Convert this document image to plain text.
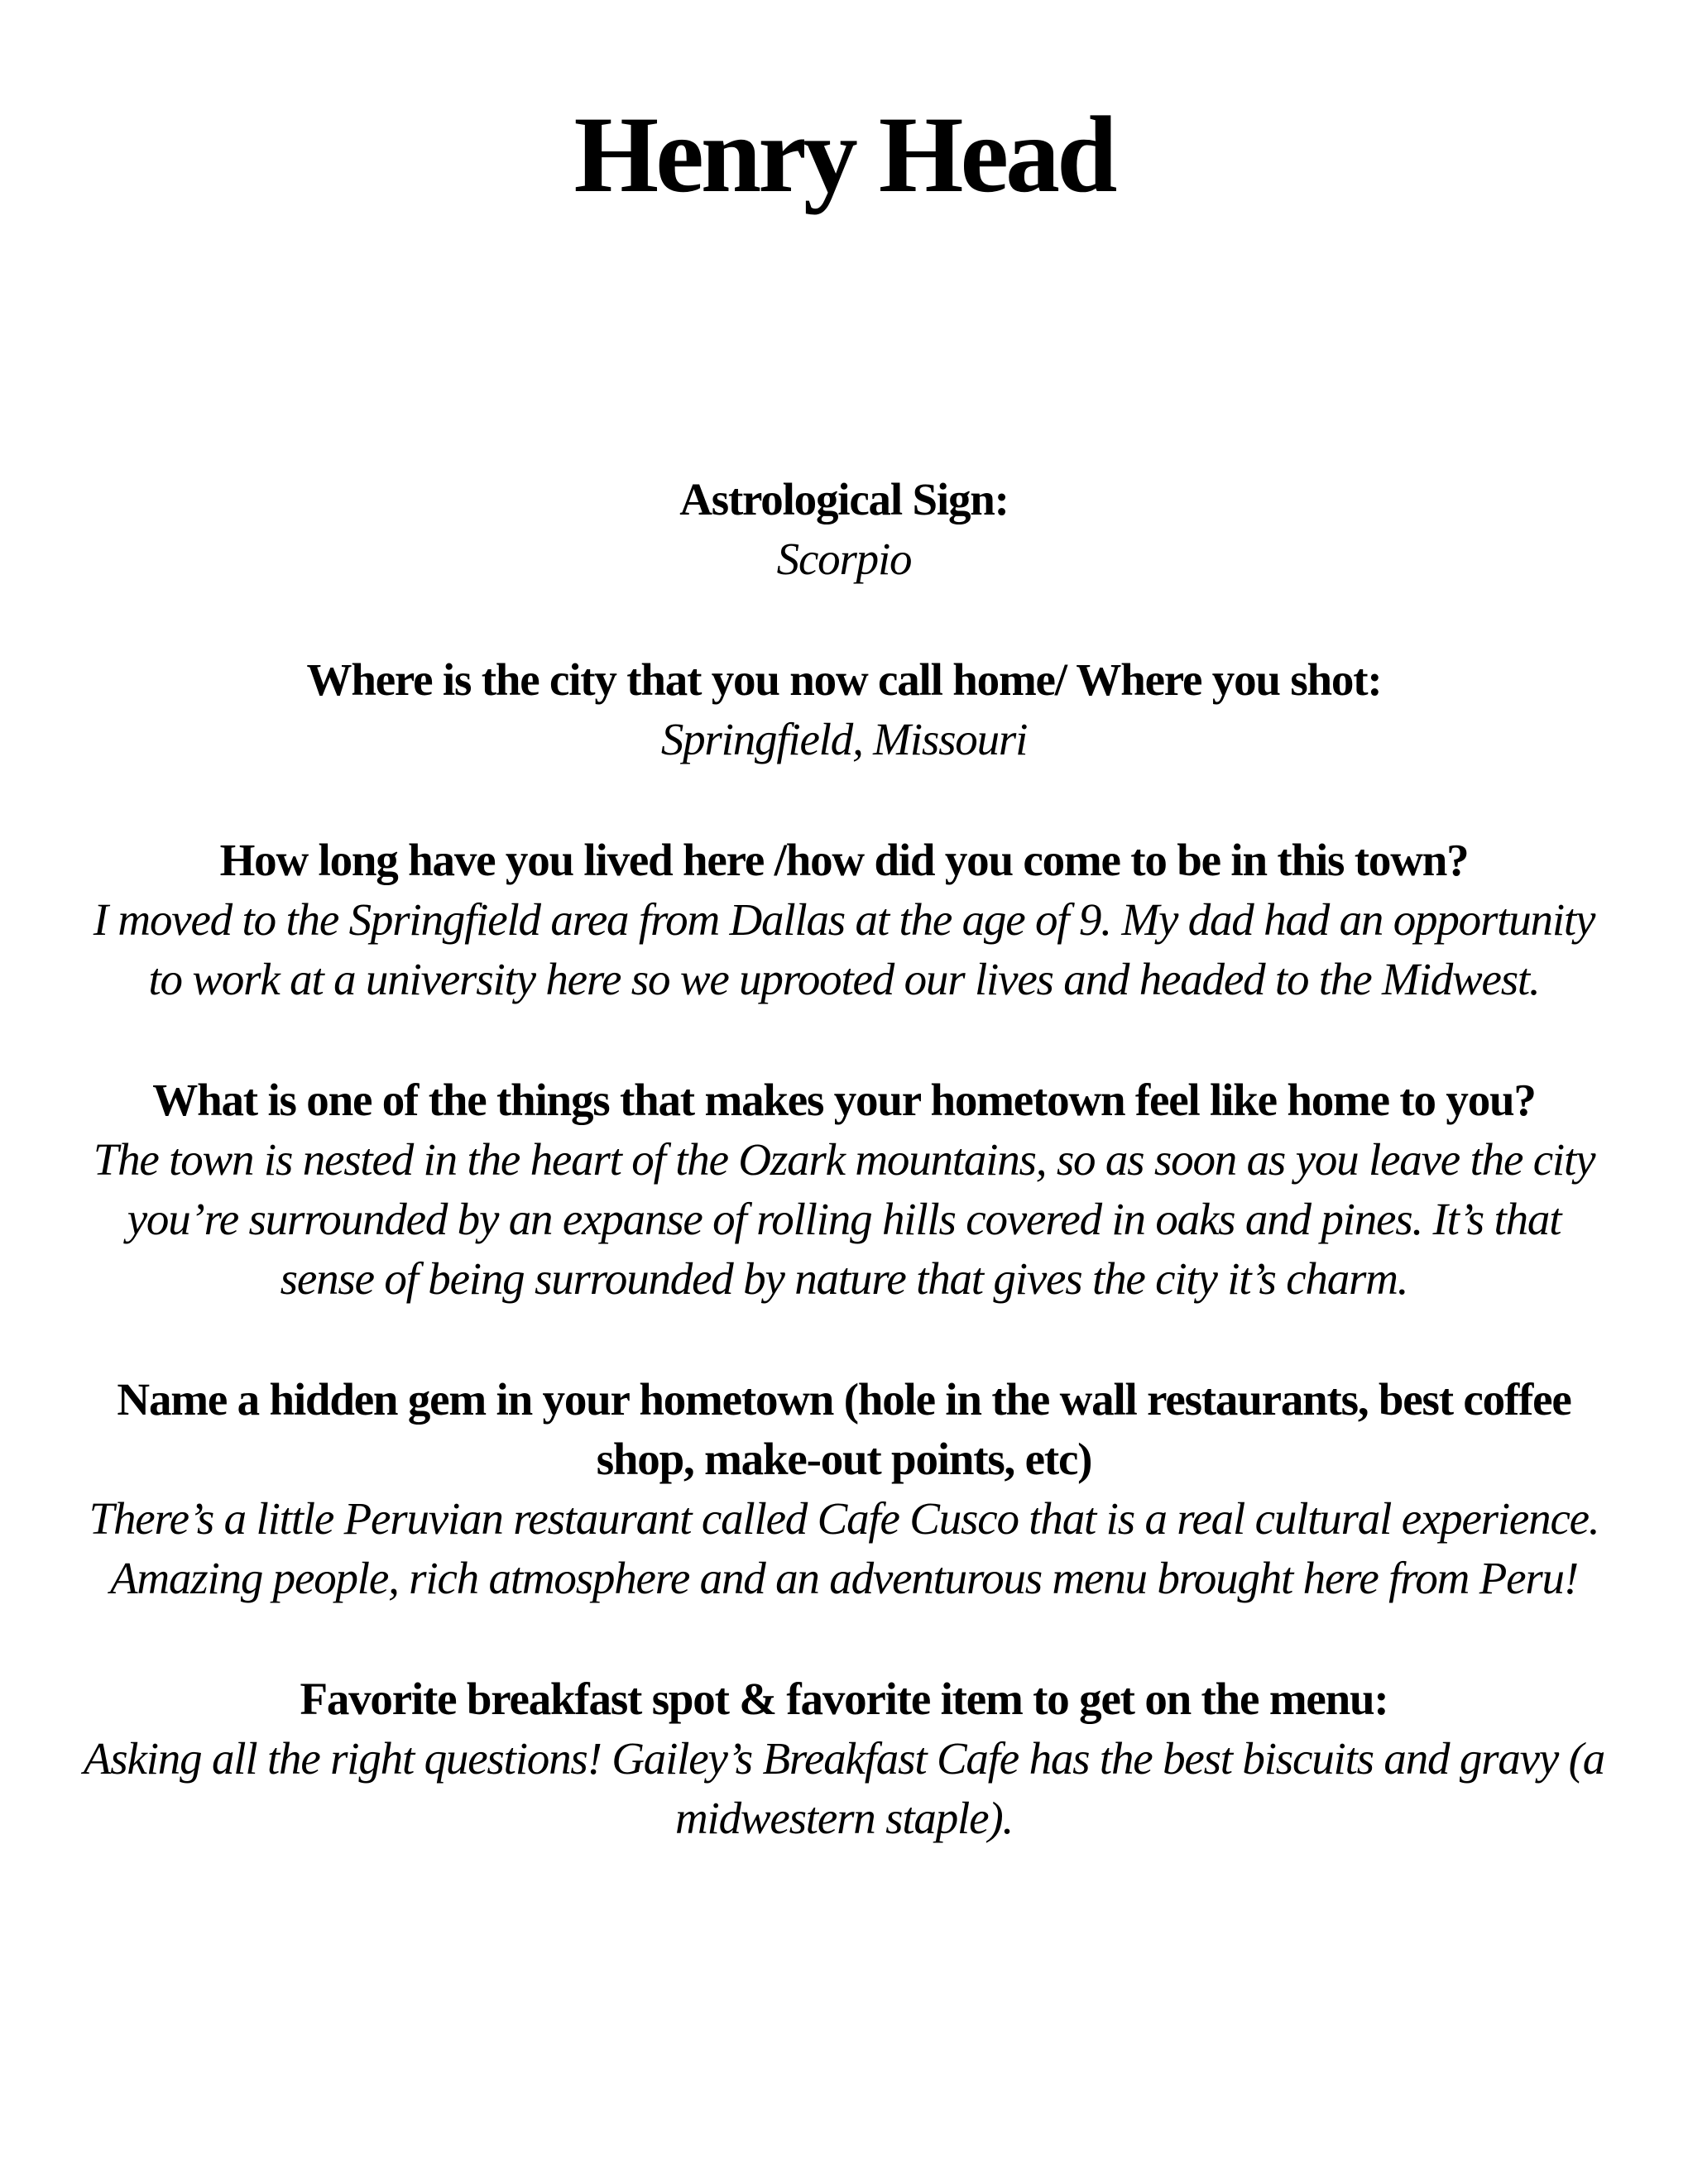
Henry Head

Astrological Sign:

Scorpio

Where is the city that you now call home/ Where you shot:

Springfield, Missouri

How long have you lived here /how did you come to be in this town?

I moved to the Springfield area from Dallas at the age of 9. My dad had an opportunity to work at a university here so we uprooted our lives and headed to the Midwest.

What is one of the things that makes your hometown feel like home to you?

The town is nested in the heart of the Ozark mountains, so as soon as you leave the city you’re surrounded by an expanse of rolling hills covered in oaks and pines. It’s that sense of being surrounded by nature that gives the city it’s charm.

Name a hidden gem in your hometown (hole in the wall restaurants, best coffee shop, make-out points, etc)

There’s a little Peruvian restaurant called Cafe Cusco that is a real cultural experience. Amazing people, rich atmosphere and an adventurous menu brought here from Peru!

Favorite breakfast spot & favorite item to get on the menu:

Asking all the right questions! Gailey’s Breakfast Cafe has the best biscuits and gravy (a midwestern staple).
